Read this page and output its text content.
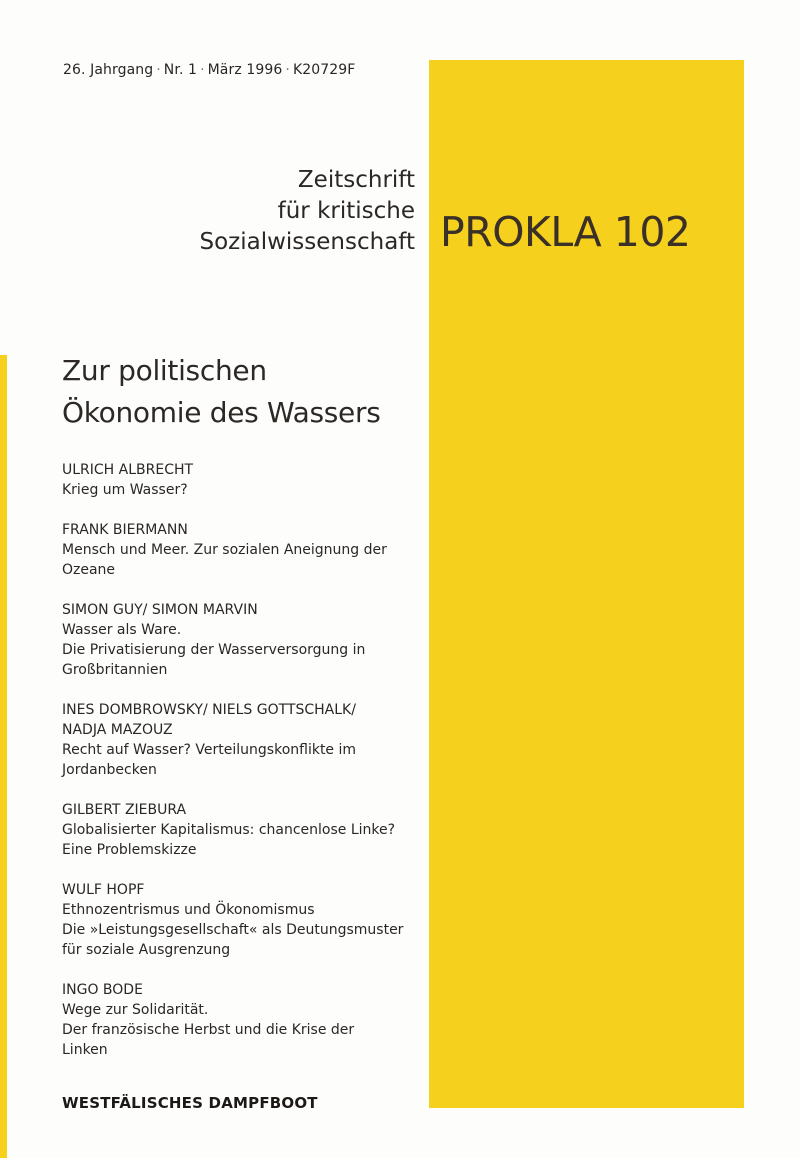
26. Jahrgang · Nr. 1 · März 1996 · K20729F
Zeitschrift
für kritische
Sozialwissenschaft PROKLA 102
Zur politischen
Ökonomie des Wassers
ULRICH ALBRECHT
Krieg um Wasser?
FRANK BIERMANN
Mensch und Meer. Zur sozialen Aneignung der
Ozeane
SIMON GUY/ SIMON MARVIN
Wasser als Ware.
Die Privatisierung der Wasserversorgung in
Großbritannien
INES DOMBROWSKY/ NIELS GOTTSCHALK/
NADJA MAZOUZ
Recht auf Wasser? Verteilungskonflikte im
Jordanbecken
GILBERT ZIEBURA
Globalisierter Kapitalismus: chancenlose Linke?
Eine Problemskizze
WULF HOPF
Ethnozentrismus und Ökonomismus
Die »Leistungsgesellschaft« als Deutungsmuster
für soziale Ausgrenzung
INGO BODE
Wege zur Solidarität.
Der französische Herbst und die Krise der
Linken
WESTFÄLISCHES DAMPFBOOT
